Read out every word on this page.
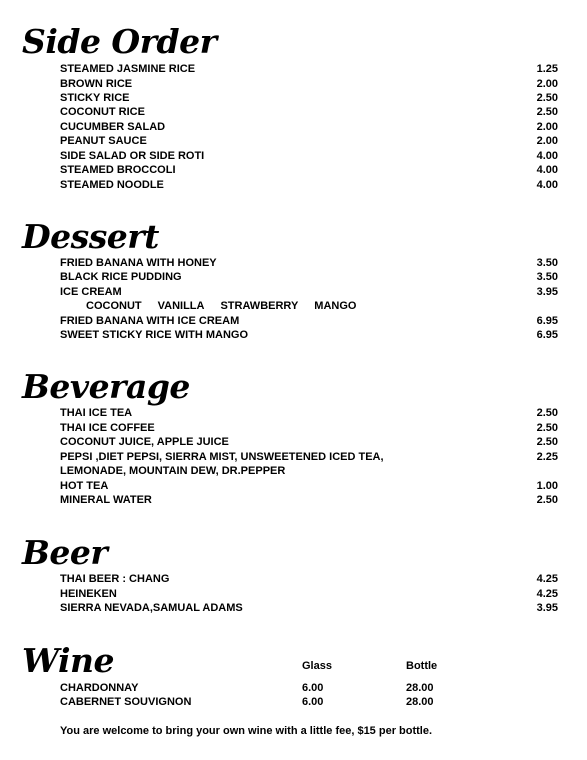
Side Order
STEAMED JASMINE RICE	1.25
BROWN RICE	2.00
STICKY RICE	2.50
COCONUT RICE	2.50
CUCUMBER SALAD	2.00
PEANUT SAUCE	2.00
SIDE SALAD OR SIDE ROTI	4.00
STEAMED BROCCOLI	4.00
STEAMED NOODLE	4.00
Dessert
FRIED BANANA WITH HONEY	3.50
BLACK RICE PUDDING	3.50
ICE CREAM	3.95
COCONUT VANILLA STRAWBERRY MANGO
FRIED BANANA WITH ICE CREAM	6.95
SWEET STICKY RICE WITH MANGO	6.95
Beverage
THAI ICE TEA	2.50
THAI ICE COFFEE	2.50
COCONUT JUICE, APPLE JUICE	2.50
PEPSI ,DIET PEPSI, SIERRA MIST, UNSWEETENED ICED TEA,	2.25
LEMONADE, MOUNTAIN DEW, DR.PEPPER
HOT TEA	1.00
MINERAL WATER	2.50
Beer
THAI BEER : CHANG	4.25
HEINEKEN	4.25
SIERRA NEVADA,SAMUAL ADAMS	3.95
Wine	Glass	Bottle
CHARDONNAY	6.00	28.00
CABERNET SOUVIGNON	6.00	28.00
You are welcome to bring your own wine with a little fee, $15 per bottle.
